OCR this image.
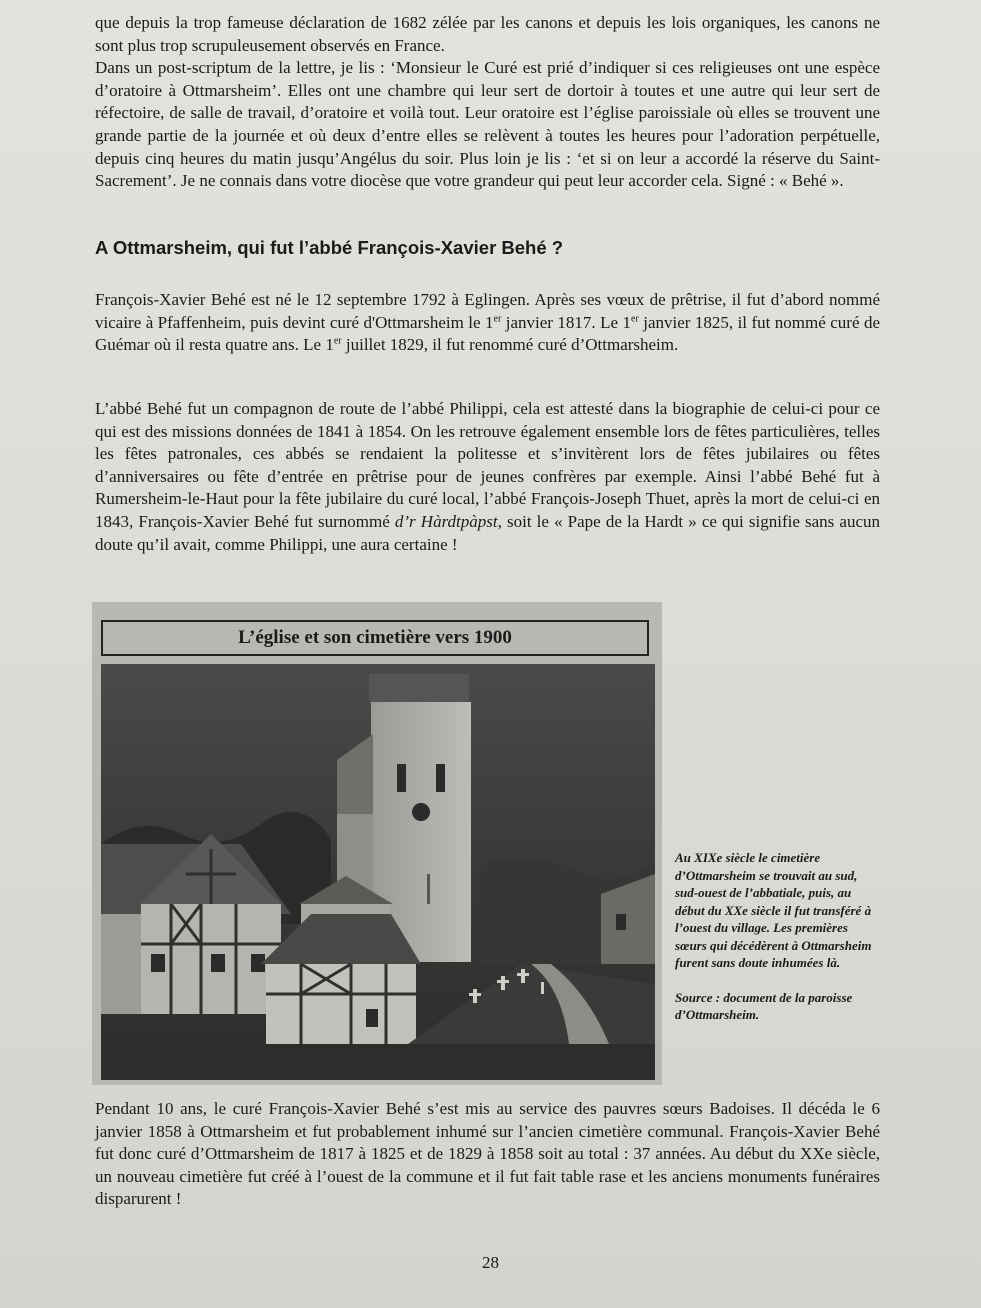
que depuis la trop fameuse déclaration de 1682 zélée par les canons et depuis les lois organiques, les canons ne sont plus trop scrupuleusement observés en France.

Dans un post-scriptum de la lettre, je lis : ‘Monsieur le Curé est prié d’indiquer si ces religieuses ont une espèce d’oratoire à Ottmarsheim’. Elles ont une chambre qui leur sert de dortoir à toutes et une autre qui leur sert de réfectoire, de salle de travail, d’oratoire et voilà tout. Leur oratoire est l’église paroissiale où elles se trouvent une grande partie de la journée et où deux d’entre elles se relèvent à toutes les heures pour l’adoration perpétuelle, depuis cinq heures du matin jusqu’Angélus du soir. Plus loin je lis : ‘et si on leur a accordé la réserve du Saint-Sacrement’. Je ne connais dans votre diocèse que votre grandeur qui peut leur accorder cela. Signé : « Behé ».

A Ottmarsheim, qui fut l’abbé François-Xavier Behé ?

François-Xavier Behé est né le 12 septembre 1792 à Eglingen. Après ses vœux de prêtrise, il fut d’abord nommé vicaire à Pfaffenheim, puis devint curé d'Ottmarsheim le 1er janvier 1817. Le 1er janvier 1825, il fut nommé curé de Guémar où il resta quatre ans. Le 1er juillet 1829, il fut renommé curé d’Ottmarsheim.

L’abbé Behé fut un compagnon de route de l’abbé Philippi, cela est attesté dans la biographie de celui-ci pour ce qui est des missions données de 1841 à 1854. On les retrouve également ensemble lors de fêtes particulières, telles les fêtes patronales, ces abbés se rendaient la politesse et s’invitèrent lors de fêtes jubilaires ou fêtes d’anniversaires ou fête d’entrée en prêtrise pour de jeunes confrères par exemple. Ainsi l’abbé Behé fut à Rumersheim-le-Haut pour la fête jubilaire du curé local, l’abbé François-Joseph Thuet, après la mort de celui-ci en 1843, François-Xavier Behé fut surnommé d’r Hàrdtpàpst, soit le « Pape de la Hardt » ce qui signifie sans aucun doute qu’il avait, comme Philippi, une aura certaine !

L’église et son cimetière vers 1900

Au XIXe siècle le cimetière d’Ottmarsheim se trouvait au sud, sud-ouest de l’abbatiale, puis, au début du XXe siècle il fut transféré à l’ouest du village. Les premières sœurs qui décédèrent à Ottmarsheim furent sans doute inhumées là.

Source : document de la paroisse d’Ottmarsheim.

Pendant 10 ans, le curé François-Xavier Behé s’est mis au service des pauvres sœurs Badoises. Il décéda le 6 janvier 1858 à Ottmarsheim et fut probablement inhumé sur l’ancien cimetière communal. François-Xavier Behé fut donc curé d’Ottmarsheim de 1817 à 1825 et de 1829 à 1858 soit au total : 37 années. Au début du XXe siècle, un nouveau cimetière fut créé à l’ouest de la commune et il fut fait table rase et les anciens monuments funéraires disparurent !
28
